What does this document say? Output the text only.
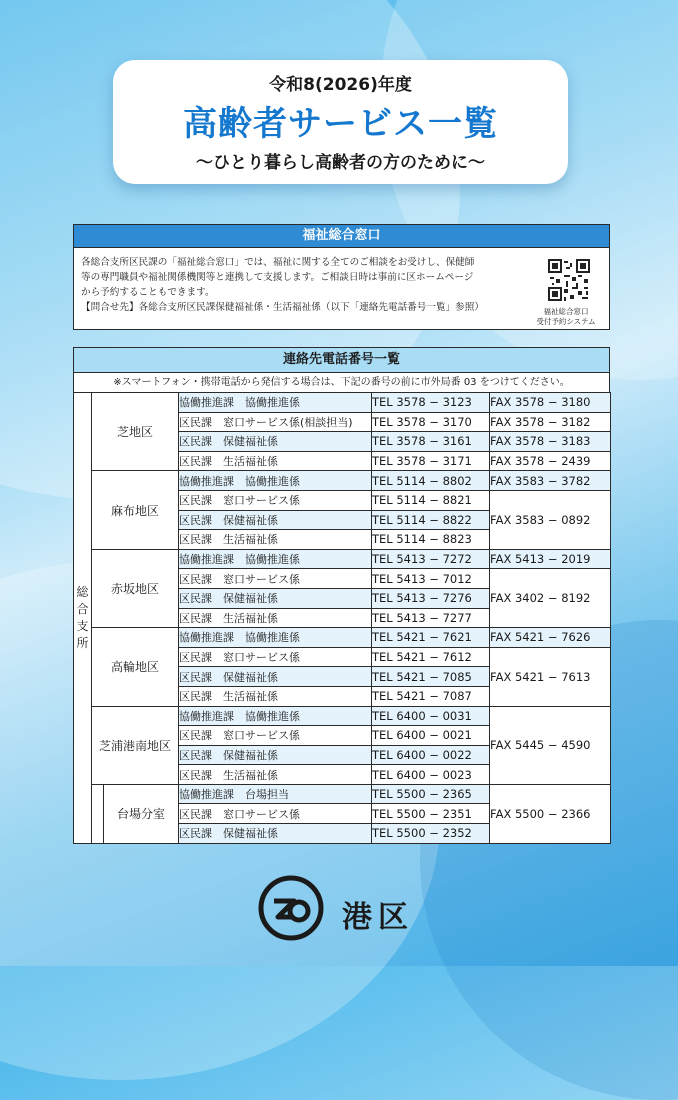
令和8(2026)年度
高齢者サービス一覧
〜ひとり暮らし高齢者の方のために〜
福祉総合窓口
各総合支所区民課の「福祉総合窓口」では、福祉に関する全てのご相談をお受けし、保健師
等の専門職員や福祉関係機関等と連携して支援します。ご相談日時は事前に区ホームページ
から予約することもできます。
【問合せ先】各総合支所区民課保健福祉係・生活福祉係（以下「連絡先電話番号一覧」参照）	福祉総合窓口
受付予約システム
連絡先電話番号一覧
※スマートフォン・携帯電話から発信する場合は、下記の番号の前に市外局番 03 をつけてください。
総
合
支
所	芝地区		協働推進課　協働推進係	TEL 3578 − 3123	FAX 3578 − 3180
			区民課　窓口サービス係(相談担当)	TEL 3578 − 3170	FAX 3578 − 3182
			区民課　保健福祉係	TEL 3578 − 3161	FAX 3578 − 3183
			区民課　生活福祉係	TEL 3578 − 3171	FAX 3578 − 2439
	麻布地区		協働推進課　協働推進係	TEL 5114 − 8802	FAX 3583 − 3782
			区民課　窓口サービス係	TEL 5114 − 8821	FAX 3583 − 0892
			区民課　保健福祉係	TEL 5114 − 8822	
			区民課　生活福祉係	TEL 5114 − 8823	
	赤坂地区		協働推進課　協働推進係	TEL 5413 − 7272	FAX 5413 − 2019
			区民課　窓口サービス係	TEL 5413 − 7012	FAX 3402 − 8192
			区民課　保健福祉係	TEL 5413 − 7276	
			区民課　生活福祉係	TEL 5413 − 7277	
	高輪地区		協働推進課　協働推進係	TEL 5421 − 7621	FAX 5421 − 7626
			区民課　窓口サービス係	TEL 5421 − 7612	FAX 5421 − 7613
			区民課　保健福祉係	TEL 5421 − 7085	
			区民課　生活福祉係	TEL 5421 − 7087	
	芝浦港南地区		協働推進課　協働推進係	TEL 6400 − 0031	FAX 5445 − 4590
			区民課　窓口サービス係	TEL 6400 − 0021	
			区民課　保健福祉係	TEL 6400 − 0022	
			区民課　生活福祉係	TEL 6400 − 0023	
		台場分室	協働推進課　台場担当	TEL 5500 − 2365	FAX 5500 − 2366
			区民課　窓口サービス係	TEL 5500 − 2351	
			区民課　保健福祉係	TEL 5500 − 2352	
港区
